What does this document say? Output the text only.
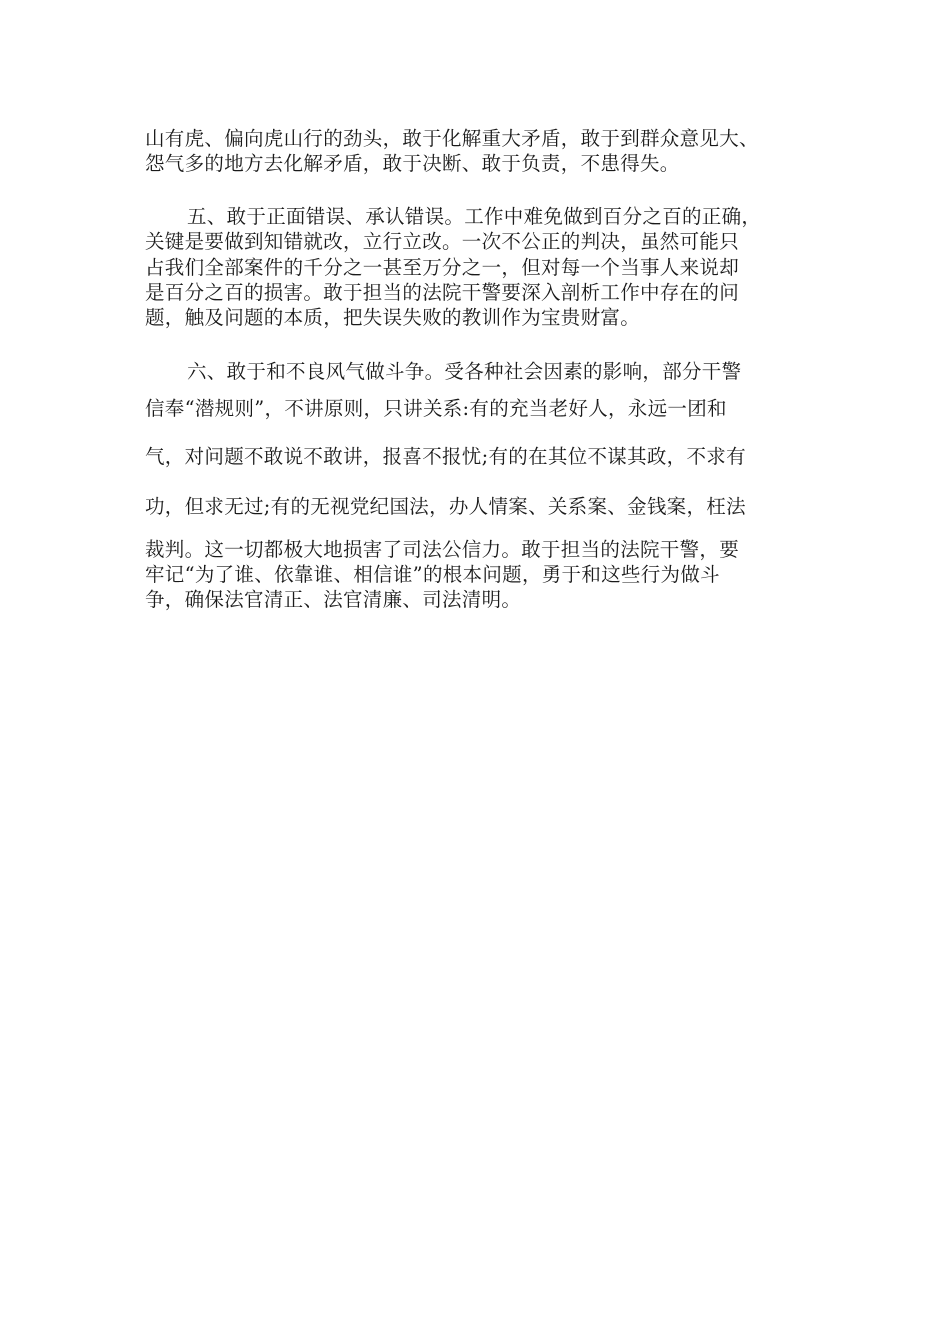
山有虎、偏向虎山行的劲头，敢于化解重大矛盾，敢于到群众意见大、
怨气多的地方去化解矛盾，敢于决断、敢于负责，不患得失。
五、敢于正面错误、承认错误。工作中难免做到百分之百的正确，
关键是要做到知错就改，立行立改。一次不公正的判决，虽然可能只
占我们全部案件的千分之一甚至万分之一，但对每一个当事人来说却
是百分之百的损害。敢于担当的法院干警要深入剖析工作中存在的问
题，触及问题的本质，把失误失败的教训作为宝贵财富。
六、敢于和不良风气做斗争。受各种社会因素的影响，部分干警
信奉“潜规则”，不讲原则，只讲关系:有的充当老好人，永远一团和
气，对问题不敢说不敢讲，报喜不报忧;有的在其位不谋其政，不求有
功，但求无过;有的无视党纪国法，办人情案、关系案、金钱案，枉法
裁判。这一切都极大地损害了司法公信力。敢于担当的法院干警，要
牢记“为了谁、依靠谁、相信谁”的根本问题，勇于和这些行为做斗
争，确保法官清正、法官清廉、司法清明。
